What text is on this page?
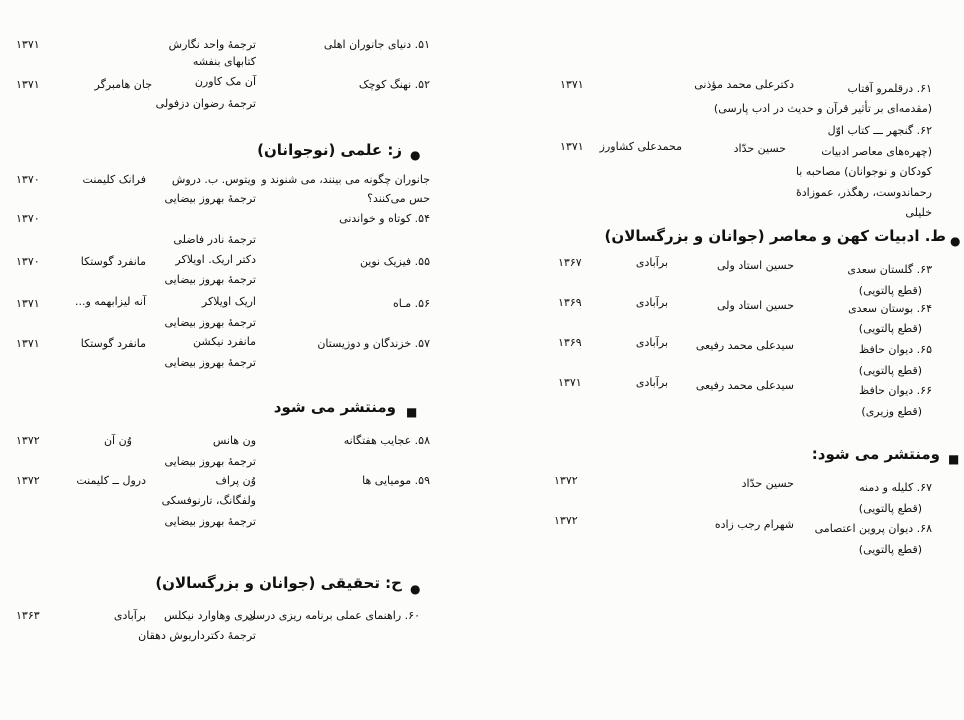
۵۱. دنیای جانوران اهلی
ترجمهٔ واحد نگارش
کتابهای بنفشه
۱۳۷۱
۵۲. نهنگ کوچک
آن مک کاورن
ترجمهٔ رضوان دزفولی
جان هامبرگر
۱۳۷۱
●
ز: علمی (نوجوانان)
جانوران چگونه می بینند، می شنوند و
حس می‌کنند؟
ویتوس. ب. دروش
ترجمهٔ بهروز بیضایی
فرانک کلیمنت
۱۳۷۰
۵۴. کوتاه و خواندنی
ترجمهٔ نادر فاضلی
۱۳۷۰
۵۵. فیزیک نوین
دکتر اریک. اویلاکر
ترجمهٔ بهروز بیضایی
مانفرد گوستکا
۱۳۷۰
۵۶. مـاه
اریک اویلاکر
ترجمهٔ بهروز بیضایی
آنه لیزابهمه و...
۱۳۷۱
۵۷. خزندگان و دوزیستان
مانفرد نیکشن
ترجمهٔ بهروز بیضایی
مانفرد گوستکا
۱۳۷۱
■
ومنتشر می شود
۵۸. عجایب هفتگانه
ون هانس
ترجمهٔ بهروز بیضایی
وُن آن
۱۳۷۲
۵۹. مومیایی ها
وُن پراف
ولفگانگ، تارنوفسکی
ترجمهٔ بهروز بیضایی
درول ــ کلیمنت
۱۳۷۲
●
ح: تحقیقی (جوانان و بزرگسالان)
۶۰. راهنمای عملی برنامه ریزی درسی
ادری وهاوارد نیکلس
ترجمهٔ دکترداریوش دهقان
برآبادی
۱۳۶۳
۶۱. درقلمرو آفتاب
(مقدمه‌ای بر تأثیر قرآن و حدیث در ادب پارسی)
دکترعلی محمد مؤذنی
۱۳۷۱
۶۲. گنجهر ـــ کتاب اوّل
(چهره‌های معاصر ادبیات
کودکان و نوجوانان) مصاحبه با
رحماندوست، رهگذر، عموزادهٔ
خلیلی
حسین حدّاد
محمدعلی کشاورز
۱۳۷۱
●
ط. ادبیات کهن و معاصر (جوانان و بزرگسالان)
۶۳. گلستان سعدی
(قطع پالتویی)
حسین استاد ولی
برآبادی
۱۳۶۷
۶۴. بوستان سعدی
(قطع پالتویی)
حسین استاد ولی
برآبادی
۱۳۶۹
۶۵. دیوان حافظ
(قطع پالتویی)
سیدعلی محمد رفیعی
برآبادی
۱۳۶۹
۶۶. دیوان حافظ
(قطع وزیری)
سیدعلی محمد رفیعی
برآبادی
۱۳۷۱
■
ومنتشر می شود:
۶۷. کلیله و دمنه
(قطع پالتویی)
حسین حدّاد
۱۳۷۲
۶۸. دیوان پروین اعتصامی
(قطع پالتویی)
شهرام رجب زاده
۱۳۷۲
